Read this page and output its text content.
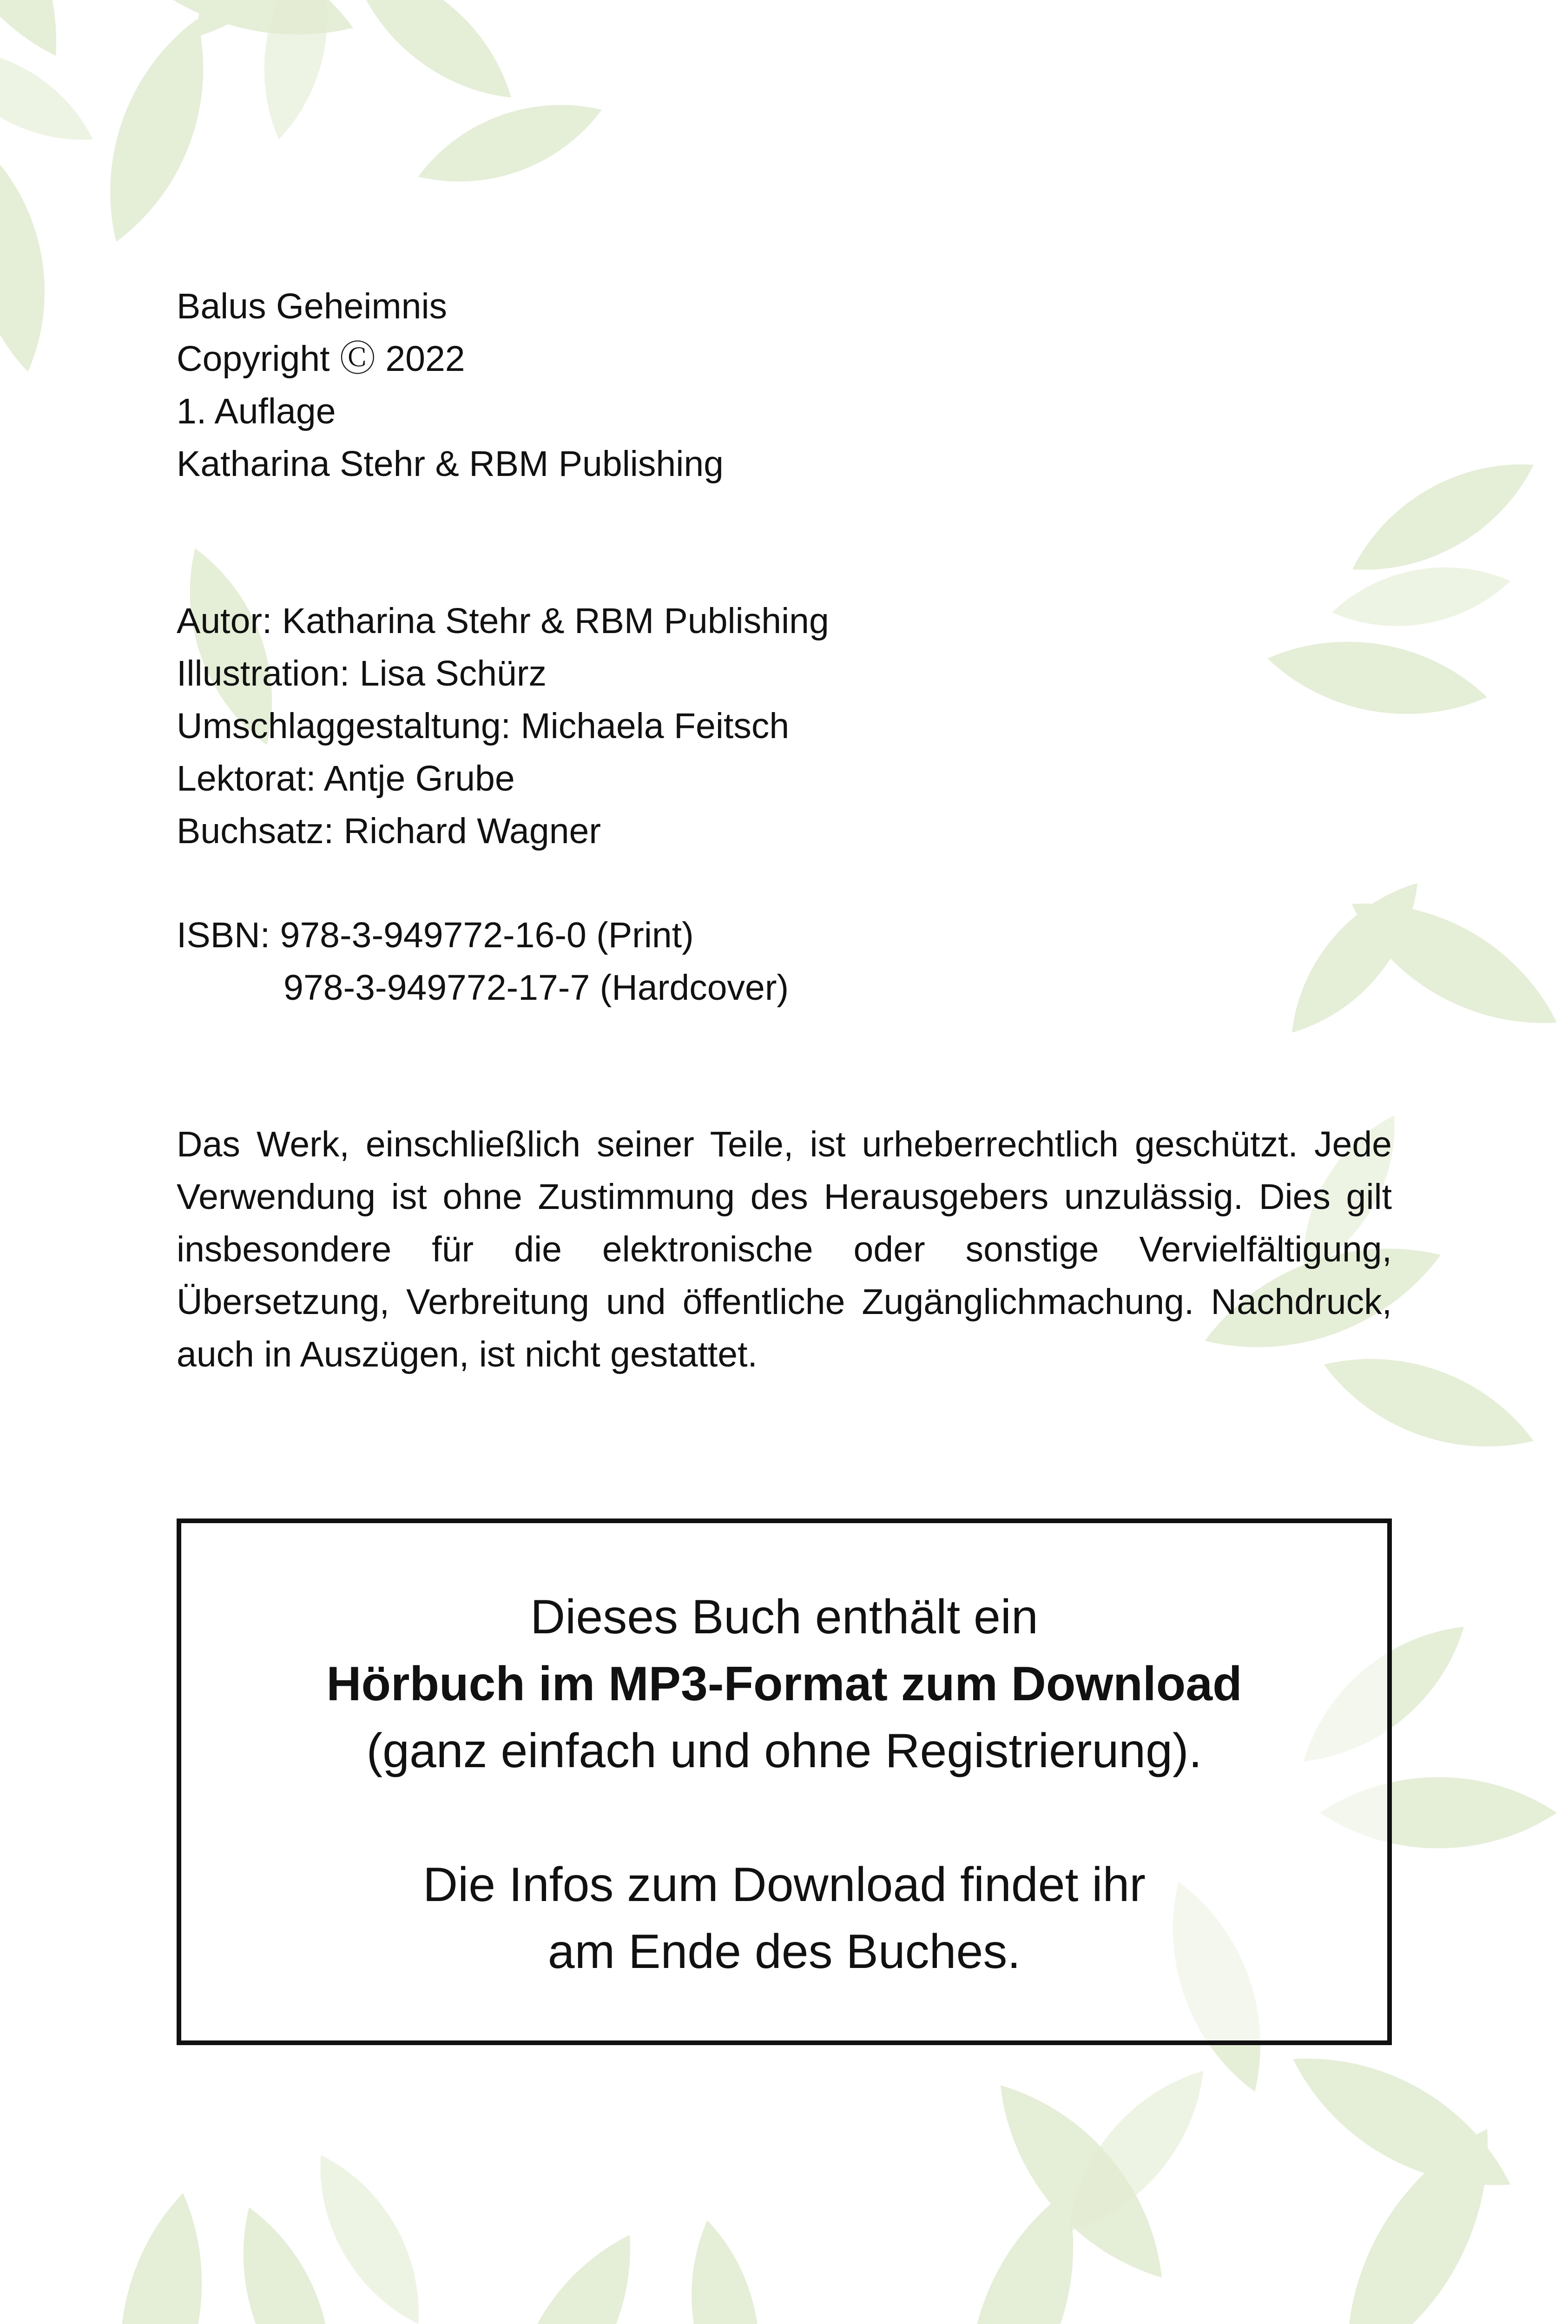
Balus Geheimnis
Copyright Ⓒ 2022
1. Auflage
Katharina Stehr & RBM Publishing
Autor: Katharina Stehr & RBM Publishing
Illustration: Lisa Schürz
Umschlaggestaltung: Michaela Feitsch
Lektorat: Antje Grube
Buchsatz: Richard Wagner
ISBN: 978-3-949772-16-0 (Print)
978-3-949772-17-7 (Hardcover)

Das Werk, einschließlich seiner Teile, ist urheberrechtlich geschützt. Jede Verwendung ist ohne Zustimmung des Herausgebers unzulässig. Dies gilt insbesondere für die elektronische oder sonstige Vervielfältigung, Übersetzung, Verbreitung und öffentliche Zugänglichmachung. Nachdruck, auch in Auszügen, ist nicht gestattet.

Dieses Buch enthält ein
Hörbuch im MP3-Format zum Download
(ganz einfach und ohne Registrierung).
Die Infos zum Download findet ihr
am Ende des Buches.
